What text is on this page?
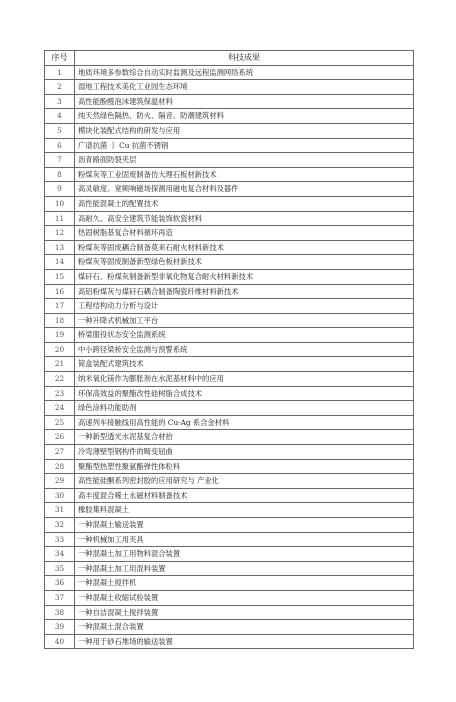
序号	科技成果
1	地质环境多参数综合自动实时监测及远程监测网络系统
2	湿地工程技术美化工业园生态环境
3	高性能酚醛泡沫建筑保温材料
4	纯天然绿色隔热、防火、隔音、防潮建筑材料
5	模块化装配式结构的研发与应用
6	广谱抗菌 丨 Cu 抗菌不锈钢
7	沥青路面防裂夹层
8	粉煤灰等工业固废制备仿大理石板材新技术
9	高灵敏度、宽频响磁场探测用磁电复合材料及器件
10	高性能混凝土的配置技术
11	高耐久、高安全建筑节能装饰软瓷材料
12	热固树脂基复合材料循环再造
13	粉煤灰等固废耦合制备莫来石耐火材料新技术
14	粉煤灰等固废制备新型绿色板材新技术
15	煤矸石、粉煤灰制备新型非氧化物复合耐火材料新技术
16	高铝粉煤灰与煤矸石耦合制备陶瓷纤维材料新技术
17	工程结构动力分析与设计
18	一种升降式机械加工平台
19	桥梁服役状态安全监测系统
20	中小跨径梁桥安全监测与预警系统
21	简盒装配式建筑技术
22	纳米氧化镁作为膨胀剂在水泥基材料中的应用
23	环保高效益的聚酯改性硅树脂合成技术
24	绿色涂料功能助剂
25	高速列车接触线用高性能的 Cu-Ag 系合金材料
26	一种新型透光水泥基复合材抬
27	冷弯薄壁型钢构件的畸变屈曲
28	聚酯型热塑性聚氨酯弹性体粒料
29	高性能硅酮系列密封胶的应用研究与 产业化
30	高丰度混合稀土永磁材料制备技术
31	橡胶集料混凝土
32	一种混凝土输送装置
33	一种机械加工用夹具
34	一种混凝土加工用物料混合装置
35	一种混凝土加工用混料装置
36	一种混凝土搅拌机
37	一种混凝土收缩试验装置
38	一种自洁混凝土搅拌装置
39	一种混凝土混合装置
40	一种用于砂石堆场的输送装置
